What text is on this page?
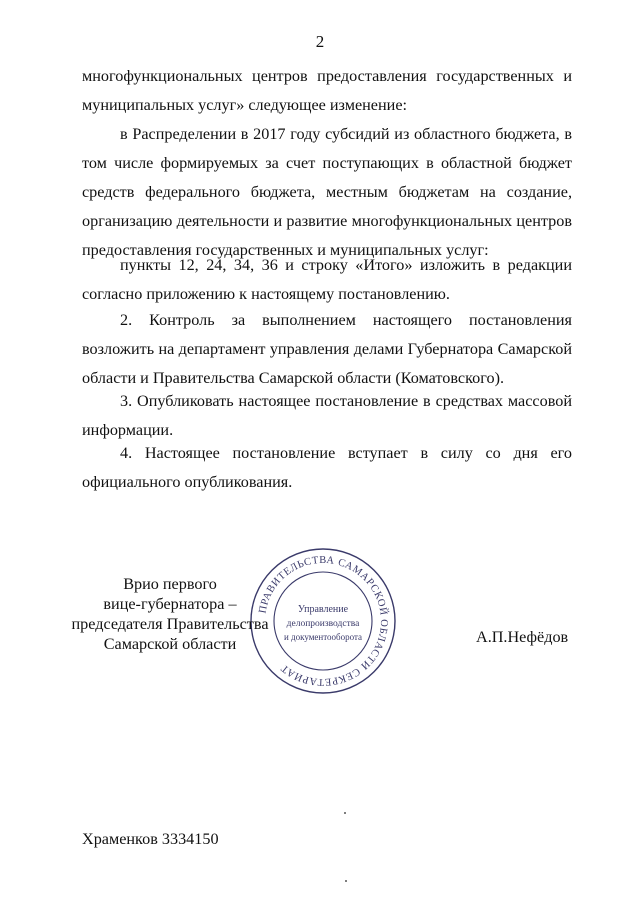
2

многофункциональных центров предоставления государственных и

муниципальных услуг» следующее изменение:

в Распределении в 2017 году субсидий из областного бюджета, в том числе формируемых за счет поступающих в областной бюджет средств федерального бюджета, местным бюджетам на создание, организацию деятельности и развитие многофункциональных центров предоставления государственных и муниципальных услуг:

пункты 12, 24, 34, 36 и строку «Итого» изложить в редакции согласно приложению к настоящему постановлению.

2. Контроль за выполнением настоящего постановления возложить на департамент управления делами Губернатора Самарской области и Правительства Самарской области (Коматовского).

3. Опубликовать настоящее постановление в средствах массовой информации.

4. Настоящее постановление вступает в силу со дня его официального опубликования.

ПРАВИТЕЛЬСТВА САМАРСКОЙ ОБЛАСТИ СЕКРЕТАРИАТ
Управление
делопроизводства
и документооборота
Врио первого
вице-губернатора –
председателя Правительства
Самарской области	А.П.Нефёдов
Храменков 3334150
